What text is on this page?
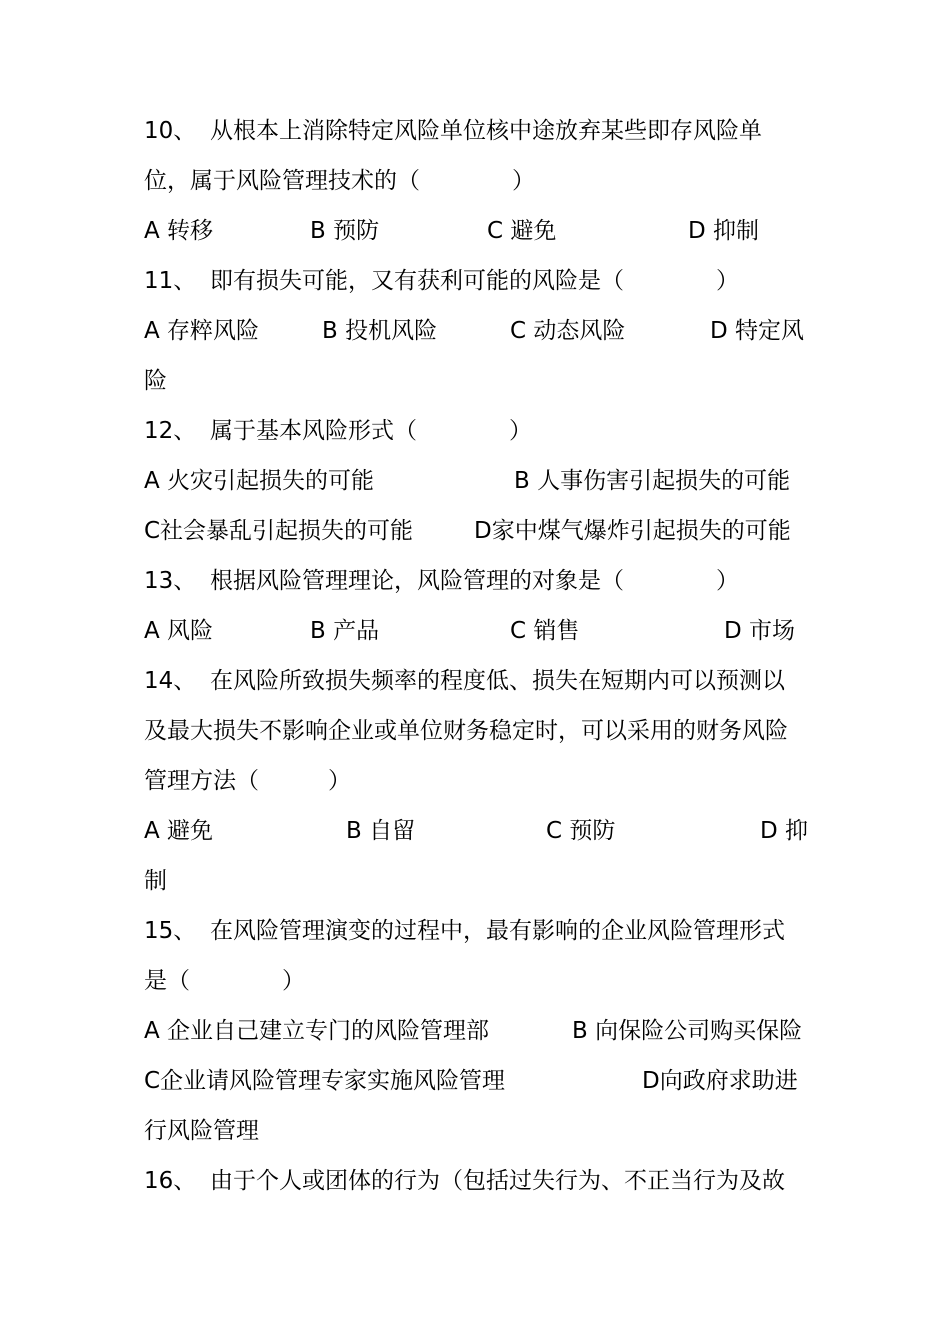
10、 从根本上消除特定风险单位核中途放弃某些即存风险单
位，属于风险管理技术的（　　　　）
A 转移	B 预防	C 避免	D 抑制
11、 即有损失可能，又有获利可能的风险是（　　　　）
A 存粹风险	B 投机风险	C 动态风险	D 特定风
险
12、 属于基本风险形式（　　　　）
A 火灾引起损失的可能	B 人事伤害引起损失的可能
C社会暴乱引起损失的可能	D家中煤气爆炸引起损失的可能
13、 根据风险管理理论，风险管理的对象是（　　　　）
A 风险	B 产品	C 销售	D 市场
14、 在风险所致损失频率的程度低、损失在短期内可以预测以
及最大损失不影响企业或单位财务稳定时，可以采用的财务风险
管理方法（　　　）
A 避免	B 自留	C 预防	D 抑
制
15、 在风险管理演变的过程中，最有影响的企业风险管理形式
是（　　　　）
A 企业自己建立专门的风险管理部	B 向保险公司购买保险
C企业请风险管理专家实施风险管理	D向政府求助进
行风险管理
16、 由于个人或团体的行为（包括过失行为、不正当行为及故
